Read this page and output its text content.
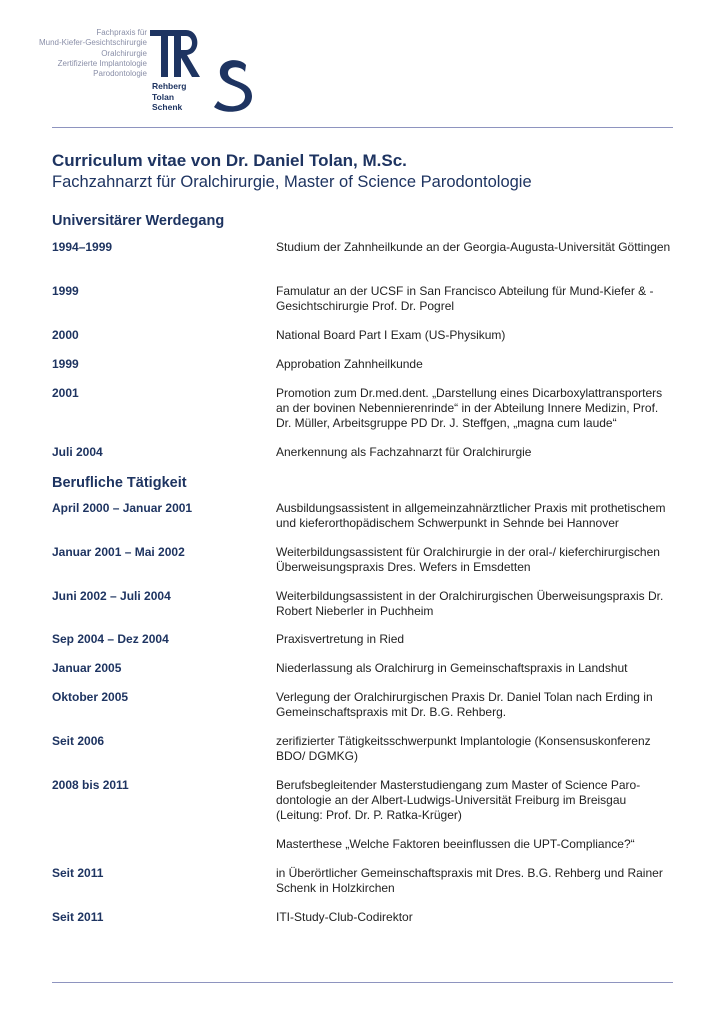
Fachpraxis für
Mund-Kiefer-Gesichtschirurgie
Oralchirurgie
Zertifizierte Implantologie
Parodontologie
Rehberg
Tolan
Schenk
Curriculum vitae von Dr. Daniel Tolan, M.Sc.
Fachzahnarzt für Oralchirurgie, Master of Science Parodontologie
Universitärer Werdegang
1994–1999	Studium der Zahnheilkunde an der Georgia-Augusta-Universität Göttingen
1999	Famulatur an der UCSF in San Francisco Abteilung für Mund-Kiefer & -Gesichtschirurgie Prof. Dr. Pogrel
2000	National Board Part I Exam (US-Physikum)
1999	Approbation Zahnheilkunde
2001	Promotion zum Dr.med.dent. „Darstellung eines Dicarboxylattransporters an der bovinen Nebennierenrinde“ in der Abteilung Innere Medizin, Prof. Dr. Müller, Arbeitsgruppe PD Dr. J. Steffgen, „magna cum laude“
Juli 2004	Anerkennung als Fachzahnarzt für Oralchirurgie
Berufliche Tätigkeit
April 2000 – Januar 2001	Ausbildungsassistent in allgemeinzahnärztlicher Praxis mit prothetischem und kieferorthopädischem Schwerpunkt in Sehnde bei Hannover
Januar 2001 – Mai 2002	Weiterbildungsassistent für Oralchirurgie in der oral-/ kieferchirurgischen Überweisungspraxis Dres. Wefers in Emsdetten
Juni 2002 – Juli 2004	Weiterbildungsassistent in der Oralchirurgischen Überweisungspraxis Dr. Robert Nieberler in Puchheim
Sep 2004 – Dez 2004	Praxisvertretung in Ried
Januar 2005	Niederlassung als Oralchirurg in Gemeinschaftspraxis in Landshut
Oktober 2005	Verlegung der Oralchirurgischen Praxis Dr. Daniel Tolan nach Erding in Gemeinschaftspraxis mit Dr. B.G. Rehberg.
Seit 2006	zerifizierter Tätigkeitsschwerpunkt Implantologie (Konsensuskonferenz BDO/ DGMKG)
2008 bis 2011	Berufsbegleitender Masterstudiengang zum Master of Science Paro-dontologie an der Albert-Ludwigs-Universität Freiburg im Breisgau (Leitung: Prof. Dr. P. Ratka-Krüger)
Masterthese „Welche Faktoren beeinflussen die UPT-Compliance?“
Seit 2011	in Überörtlicher Gemeinschaftspraxis mit Dres. B.G. Rehberg und Rainer Schenk in Holzkirchen
Seit 2011	ITI-Study-Club-Codirektor
